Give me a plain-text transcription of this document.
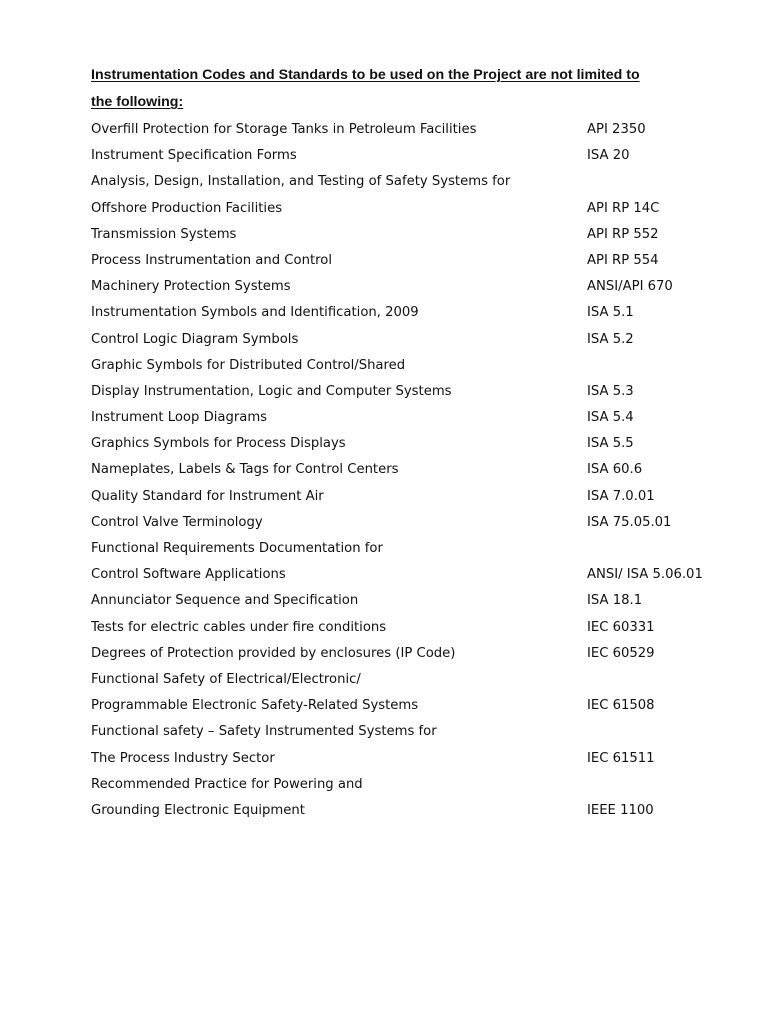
Instrumentation Codes and Standards to be used on the Project are not limited to
the following:
Overfill Protection for Storage Tanks in Petroleum Facilities	API 2350
Instrument Specification Forms	ISA 20
Analysis, Design, Installation, and Testing of Safety Systems for
Offshore Production Facilities	API RP 14C
Transmission Systems	API RP 552
Process Instrumentation and Control	API RP 554
Machinery Protection Systems	ANSI/API 670
Instrumentation Symbols and Identification, 2009	ISA 5.1
Control Logic Diagram Symbols	ISA 5.2
Graphic Symbols for Distributed Control/Shared
Display Instrumentation, Logic and Computer Systems	ISA 5.3
Instrument Loop Diagrams	ISA 5.4
Graphics Symbols for Process Displays	ISA 5.5
Nameplates, Labels & Tags for Control Centers	ISA 60.6
Quality Standard for Instrument Air	ISA 7.0.01
Control Valve Terminology	ISA 75.05.01
Functional Requirements Documentation for
Control Software Applications	ANSI/ ISA 5.06.01
Annunciator Sequence and Specification	ISA 18.1
Tests for electric cables under fire conditions	IEC 60331
Degrees of Protection provided by enclosures (IP Code)	IEC 60529
Functional Safety of Electrical/Electronic/
Programmable Electronic Safety-Related Systems	IEC 61508
Functional safety – Safety Instrumented Systems for
The Process Industry Sector	IEC 61511
Recommended Practice for Powering and
Grounding Electronic Equipment	IEEE 1100
